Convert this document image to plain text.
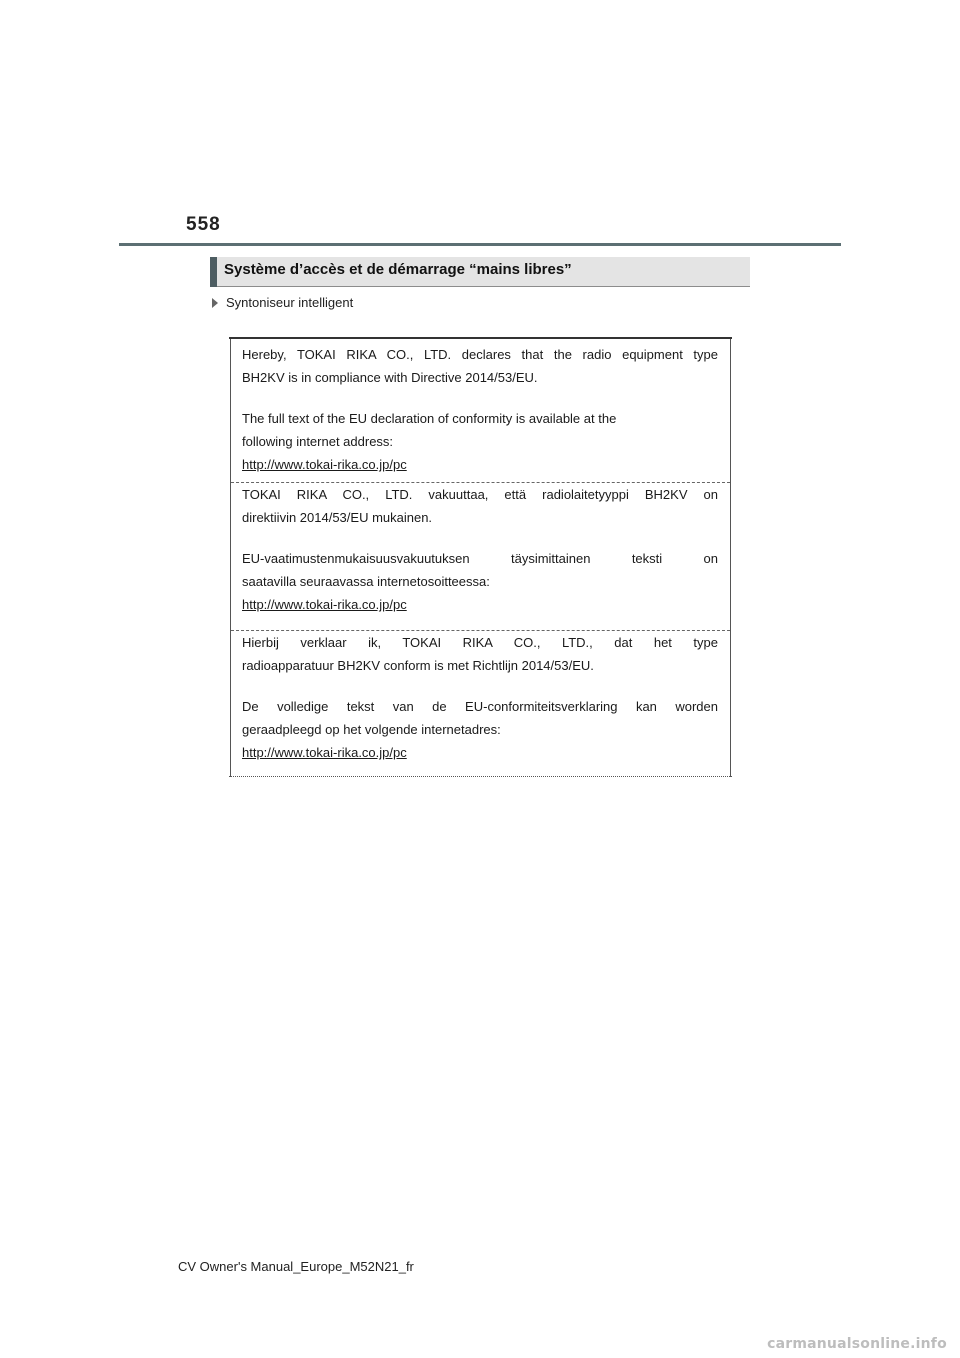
558
Système d’accès et de démarrage “mains libres”
Syntoniseur intelligent

Hereby, TOKAI RIKA CO., LTD. declares that the radio equipment type

BH2KV is in compliance with Directive 2014/53/EU.

The full text of the EU declaration of conformity is available at the

following internet address:

http://www.tokai-rika.co.jp/pc

TOKAI RIKA CO., LTD. vakuuttaa, että radiolaitetyyppi BH2KV on

direktiivin 2014/53/EU mukainen.

EU-vaatimustenmukaisuusvakuutuksen täysimittainen teksti on

saatavilla seuraavassa internetosoitteessa:

http://www.tokai-rika.co.jp/pc

Hierbij verklaar ik, TOKAI RIKA CO., LTD., dat het type

radioapparatuur BH2KV conform is met Richtlijn 2014/53/EU.

De volledige tekst van de EU-conformiteitsverklaring kan worden

geraadpleegd op het volgende internetadres:

http://www.tokai-rika.co.jp/pc

CV Owner's Manual_Europe_M52N21_fr
carmanualsonline.info
